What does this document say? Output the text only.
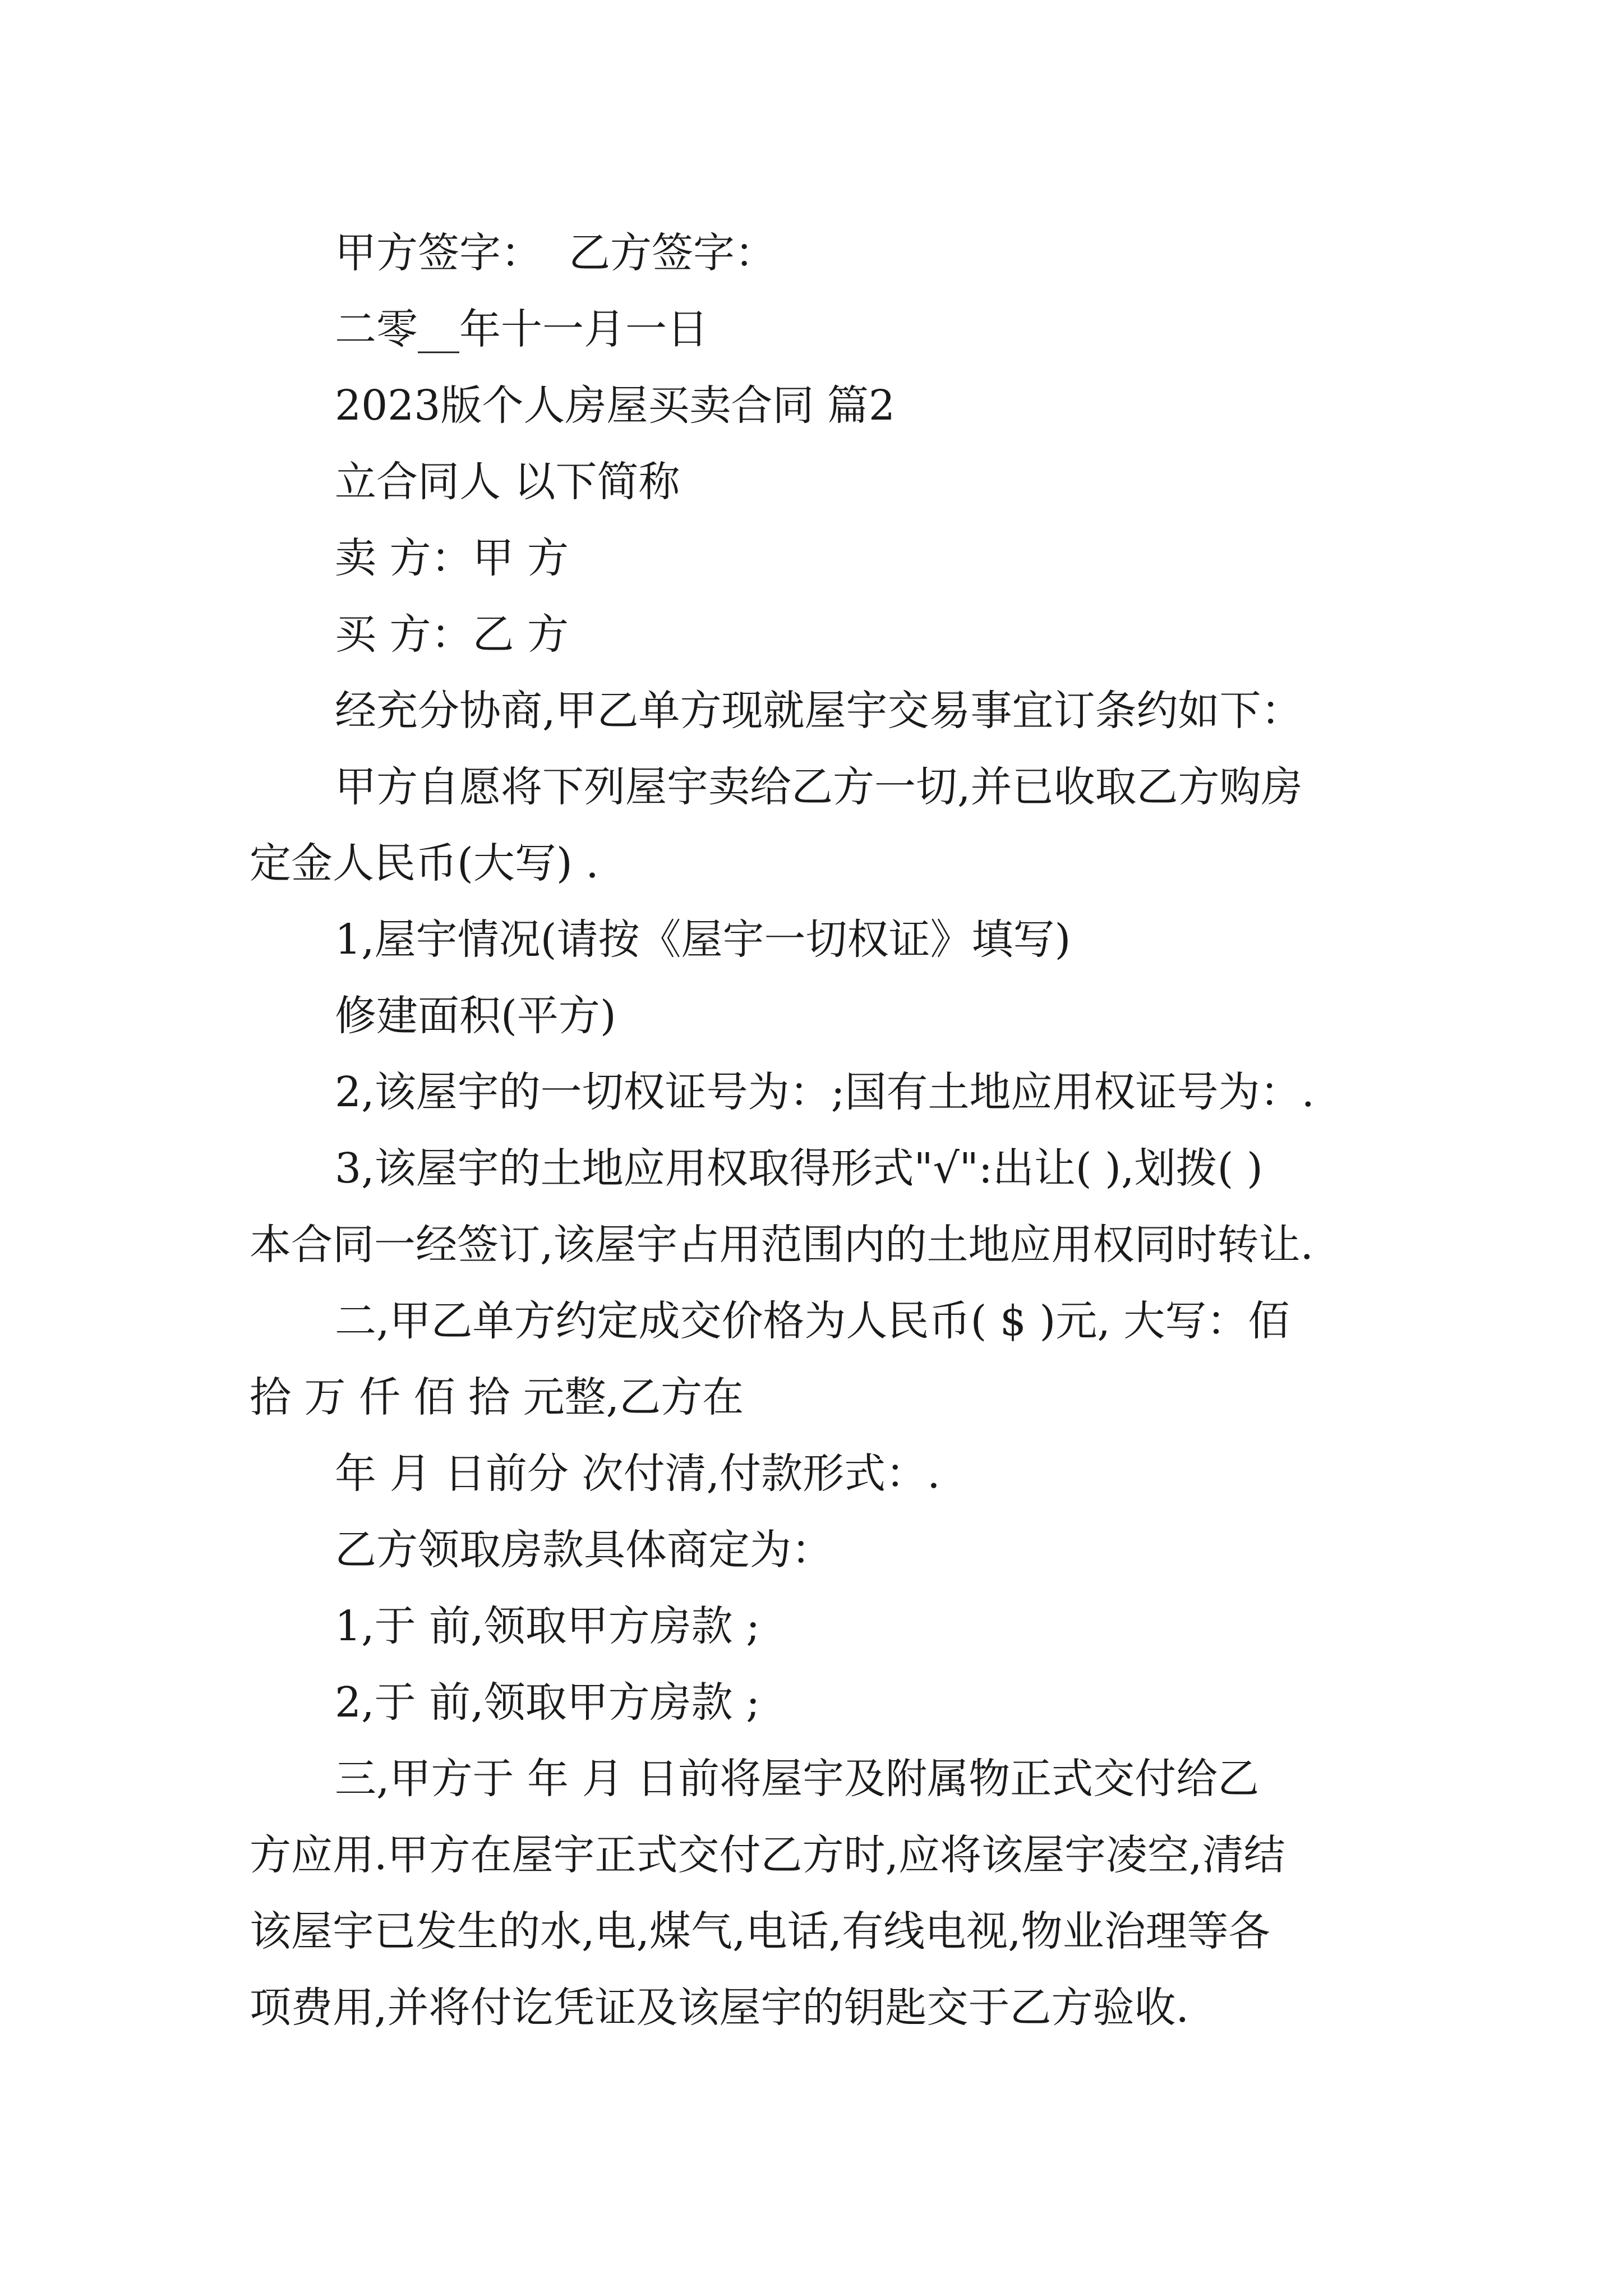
甲方签字：  乙方签字：
二零__年十一月一日
2023版个人房屋买卖合同 篇2
立合同人 以下简称
卖 方：甲 方
买 方：乙 方
经充分协商,甲乙单方现就屋宇交易事宜订条约如下：
甲方自愿将下列屋宇卖给乙方一切,并已收取乙方购房
定金人民币(大写) .
1,屋宇情况(请按《屋宇一切权证》填写)
修建面积(平方)
2,该屋宇的一切权证号为：;国有土地应用权证号为：.
3,该屋宇的土地应用权取得形式"√":出让( ),划拨( )
本合同一经签订,该屋宇占用范围内的土地应用权同时转让.
二,甲乙单方约定成交价格为人民币( $ )元, 大写：佰
拾 万 仟 佰 拾 元整,乙方在
年 月 日前分 次付清,付款形式：.
乙方领取房款具体商定为：
1,于 前,领取甲方房款 ;
2,于 前,领取甲方房款 ;
三,甲方于 年 月 日前将屋宇及附属物正式交付给乙
方应用.甲方在屋宇正式交付乙方时,应将该屋宇凌空,清结
该屋宇已发生的水,电,煤气,电话,有线电视,物业治理等各
项费用,并将付讫凭证及该屋宇的钥匙交于乙方验收.
